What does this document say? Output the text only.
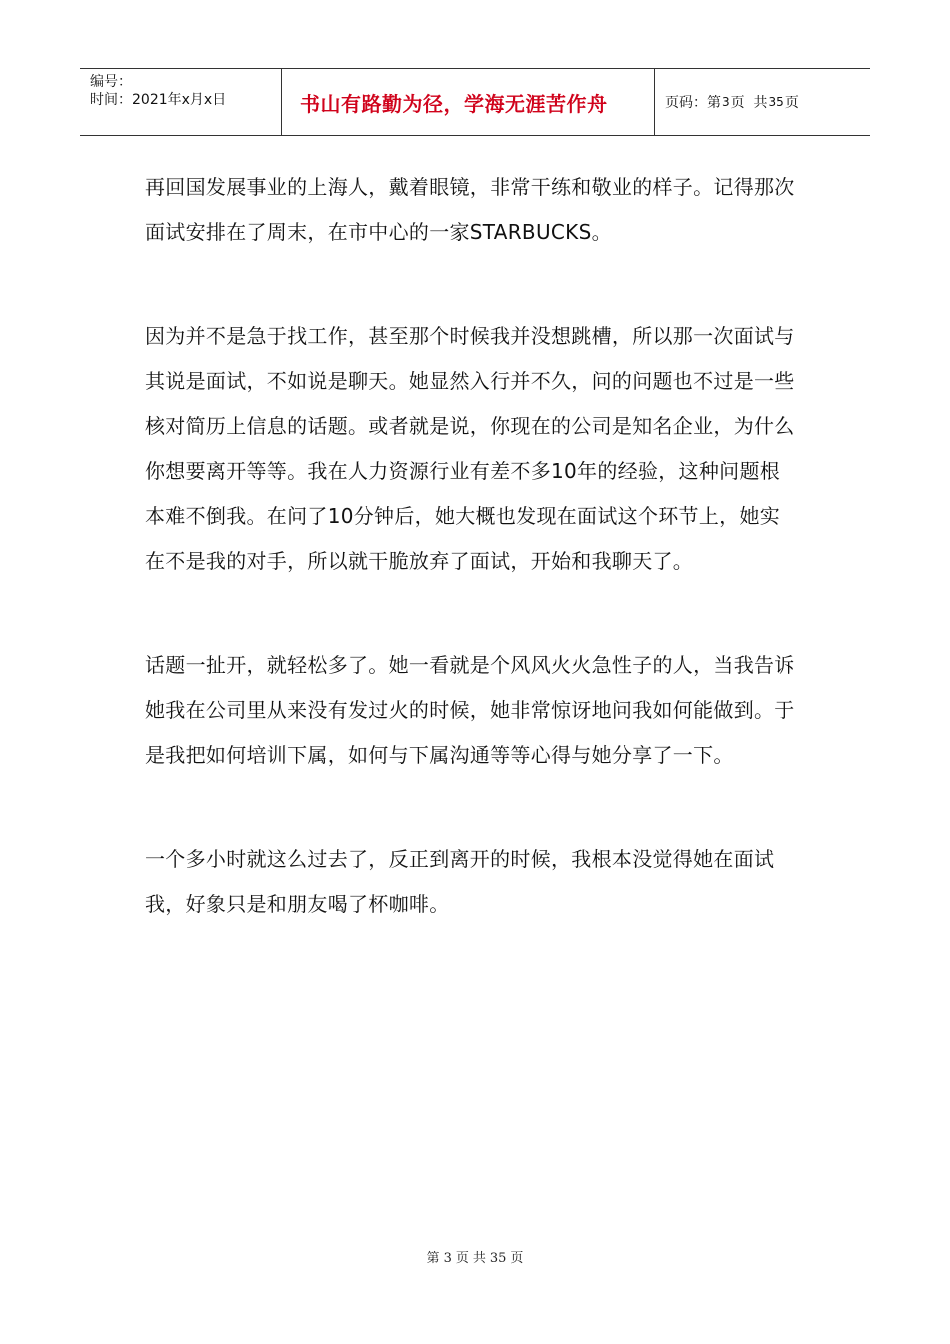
编号：
时间：2021年x月x日	书山有路勤为径，学海无涯苦作舟	页码：第 3 页
共 35 页

再回国发展事业的上海人，戴着眼镜，非常干练和敬业的样子。记得那次面试安排在了周末，在市中心的一家STARBUCKS。

因为并不是急于找工作，甚至那个时候我并没想跳槽，所以那一次面试与其说是面试，不如说是聊天。她显然入行并不久，问的问题也不过是一些核对简历上信息的话题。或者就是说，你现在的公司是知名企业，为什么你想要离开等等。我在人力资源行业有差不多10年的经验，这种问题根本难不倒我。在问了10分钟后，她大概也发现在面试这个环节上，她实在不是我的对手，所以就干脆放弃了面试，开始和我聊天了。

话题一扯开，就轻松多了。她一看就是个风风火火急性子的人，当我告诉她我在公司里从来没有发过火的时候，她非常惊讶地问我如何能做到。于是我把如何培训下属，如何与下属沟通等等心得与她分享了一下。

一个多小时就这么过去了，反正到离开的时候，我根本没觉得她在面试我，好象只是和朋友喝了杯咖啡。

第 3 页 共 35 页
